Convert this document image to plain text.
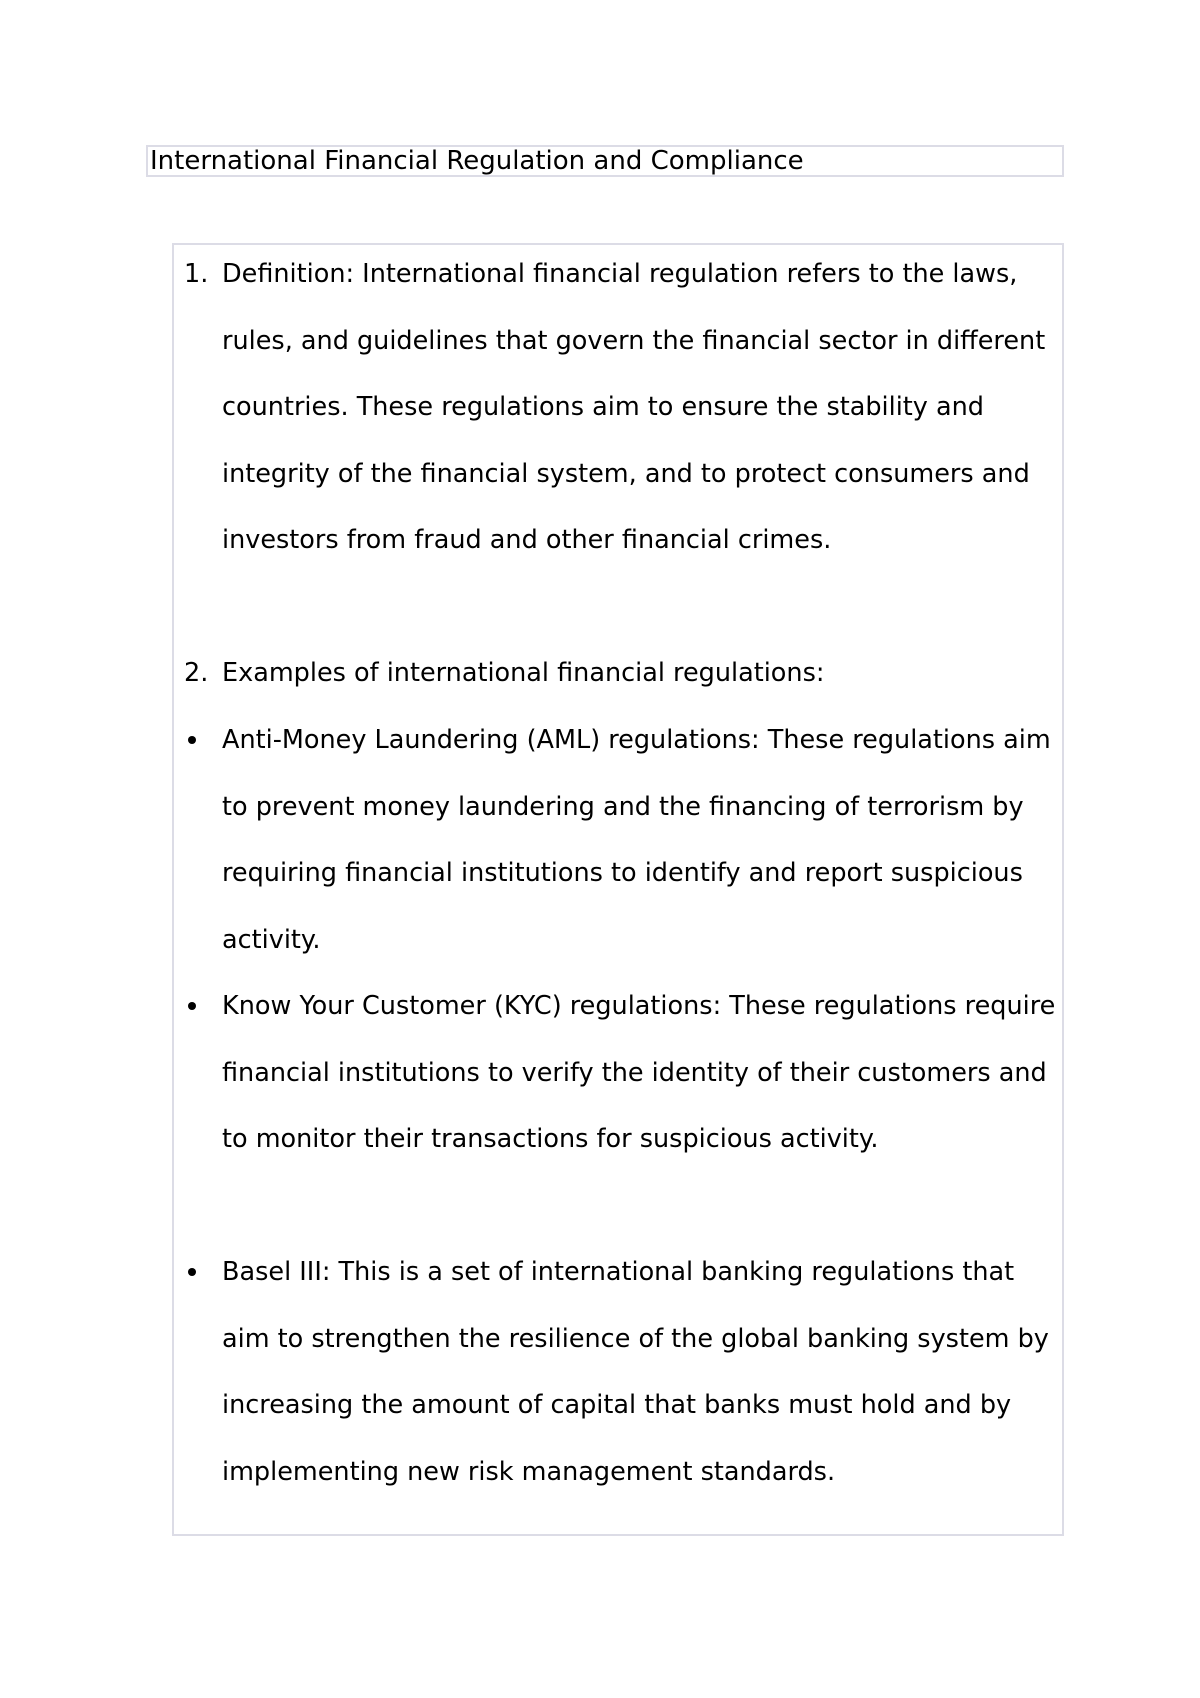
International Financial Regulation and Compliance
1. Definition: International financial regulation refers to the laws, rules, and guidelines that govern the financial sector in different countries. These regulations aim to ensure the stability and integrity of the financial system, and to protect consumers and investors from fraud and other financial crimes.
2. Examples of international financial regulations:
Anti-Money Laundering (AML) regulations: These regulations aim to prevent money laundering and the financing of terrorism by requiring financial institutions to identify and report suspicious activity.
Know Your Customer (KYC) regulations: These regulations require financial institutions to verify the identity of their customers and to monitor their transactions for suspicious activity.
Basel III: This is a set of international banking regulations that aim to strengthen the resilience of the global banking system by increasing the amount of capital that banks must hold and by implementing new risk management standards.
